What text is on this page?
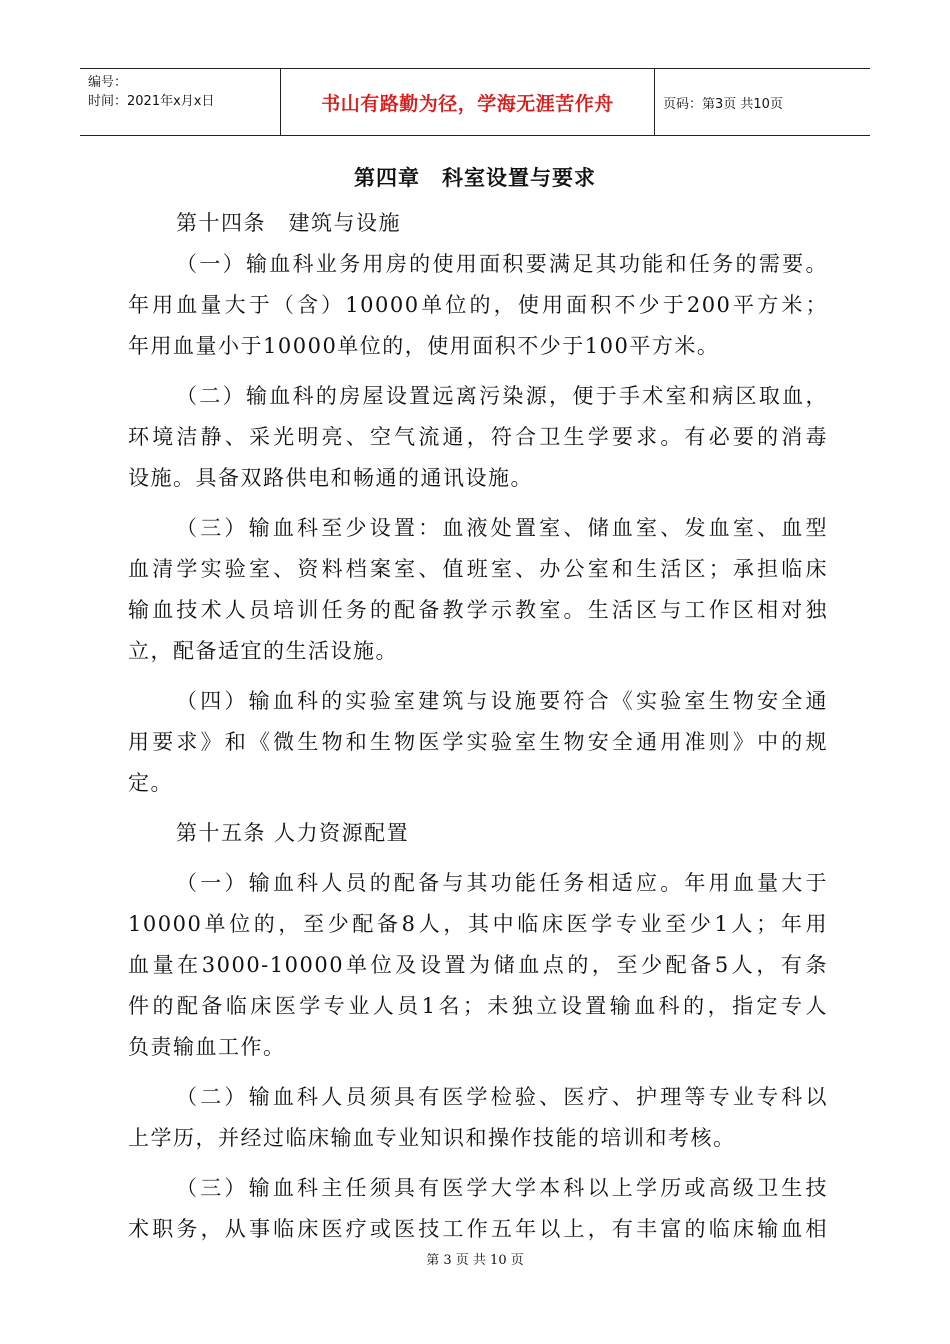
编号：
时间：2021年x月x日	书山有路勤为径，学海无涯苦作舟	页码：第3页 共10页
第四章　科室设置与要求
第十四条　建筑与设施
（一）输血科业务用房的使用面积要满足其功能和任务的需要。
年用血量大于（含）10000单位的，使用面积不少于200平方米；
年用血量小于10000单位的，使用面积不少于100平方米。
（二）输血科的房屋设置远离污染源，便于手术室和病区取血，
环境洁静、采光明亮、空气流通，符合卫生学要求。有必要的消毒
设施。具备双路供电和畅通的通讯设施。
（三）输血科至少设置：血液处置室、储血室、发血室、血型
血清学实验室、资料档案室、值班室、办公室和生活区；承担临床
输血技术人员培训任务的配备教学示教室。生活区与工作区相对独
立，配备适宜的生活设施。
（四）输血科的实验室建筑与设施要符合《实验室生物安全通
用要求》和《微生物和生物医学实验室生物安全通用准则》中的规
定。
第十五条 人力资源配置
（一）输血科人员的配备与其功能任务相适应。年用血量大于
10000单位的，至少配备8人，其中临床医学专业至少1人；年用
血量在3000-10000单位及设置为储血点的，至少配备5人，有条
件的配备临床医学专业人员1名；未独立设置输血科的，指定专人
负责输血工作。
（二）输血科人员须具有医学检验、医疗、护理等专业专科以
上学历，并经过临床输血专业知识和操作技能的培训和考核。
（三）输血科主任须具有医学大学本科以上学历或高级卫生技
术职务，从事临床医疗或医技工作五年以上，有丰富的临床输血相
第 3 页 共 10 页
